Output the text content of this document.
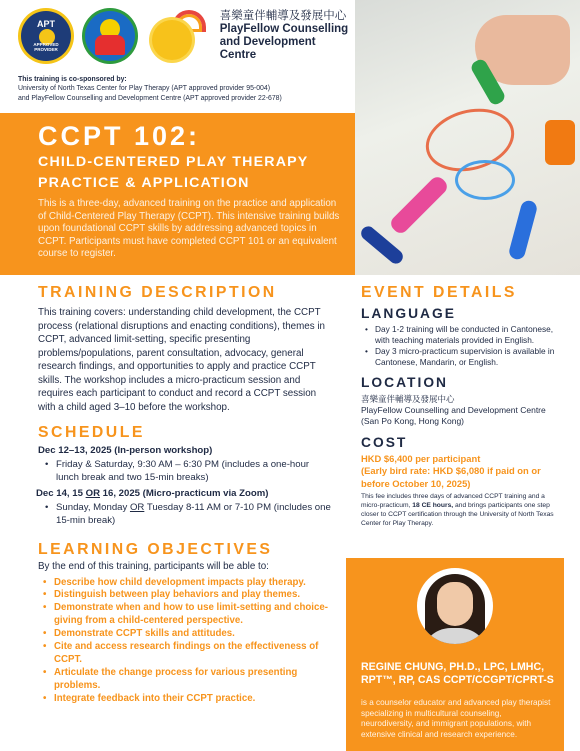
APT
APPROVED PROVIDER
喜樂童伴輔導及發展中心
PlayFellow Counselling
and Development Centre
This training is co-sponsored by:
University of North Texas Center for Play Therapy (APT approved provider 95-004)
and PlayFellow Counselling and Development Centre (APT approved provider 22-678)
CCPT 102:
CHILD-CENTERED PLAY THERAPY
PRACTICE & APPLICATION
This is a three-day, advanced training on the practice and application of Child-Centered Play Therapy (CCPT). This intensive training builds upon foundational CCPT skills by addressing advanced topics in CCPT. Participants must have completed CCPT 101 or an equivalent course to register.
TRAINING DESCRIPTION
This training covers: understanding child development, the CCPT process (relational disruptions and enacting conditions), themes in CCPT, advanced limit-setting, specific presenting problems/populations, parent consultation, advocacy, general research findings, and opportunities to apply and practice CCPT skills. The workshop includes a micro-practicum session and requires each participant to conduct and record a CCPT session with a child aged 3–10 before the workshop.
SCHEDULE
Dec 12–13, 2025 (In-person workshop)
• Friday & Saturday, 9:30 AM – 6:30 PM (includes a one-hour lunch break and two 15-min breaks)
Dec 14, 15 OR 16, 2025 (Micro-practicum via Zoom)
• Sunday, Monday OR Tuesday 8-11 AM or 7-10 PM (includes one 15-min break)
LEARNING OBJECTIVES
By the end of this training, participants will be able to:
• Describe how child development impacts play therapy.
• Distinguish between play behaviors and play themes.
• Demonstrate when and how to use limit-setting and choice-giving from a child-centered perspective.
• Demonstrate CCPT skills and attitudes.
• Cite and access research findings on the effectiveness of CCPT.
• Articulate the change process for various presenting problems.
• Integrate feedback into their CCPT practice.
EVENT DETAILS
LANGUAGE
• Day 1-2 training will be conducted in Cantonese, with teaching materials provided in English.
• Day 3 micro-practicum supervision is available in Cantonese, Mandarin, or English.
LOCATION
喜樂童伴輔導及發展中心
PlayFellow Counselling and Development Centre (San Po Kong, Hong Kong)
COST
HKD $6,400 per participant
(Early bird rate: HKD $6,080 if paid on or before October 10, 2025)
This fee includes three days of advanced CCPT training and a micro-practicum, 18 CE hours, and brings participants one step closer to CCPT certification through the University of North Texas Center for Play Therapy.
REGINE CHUNG, PH.D., LPC, LMHC, RPT™, RP, CAS CCPT/CCGPT/CPRT-S
is a counselor educator and advanced play therapist specializing in multicultural counseling, neurodiversity, and immigrant populations, with extensive clinical and research experience.
